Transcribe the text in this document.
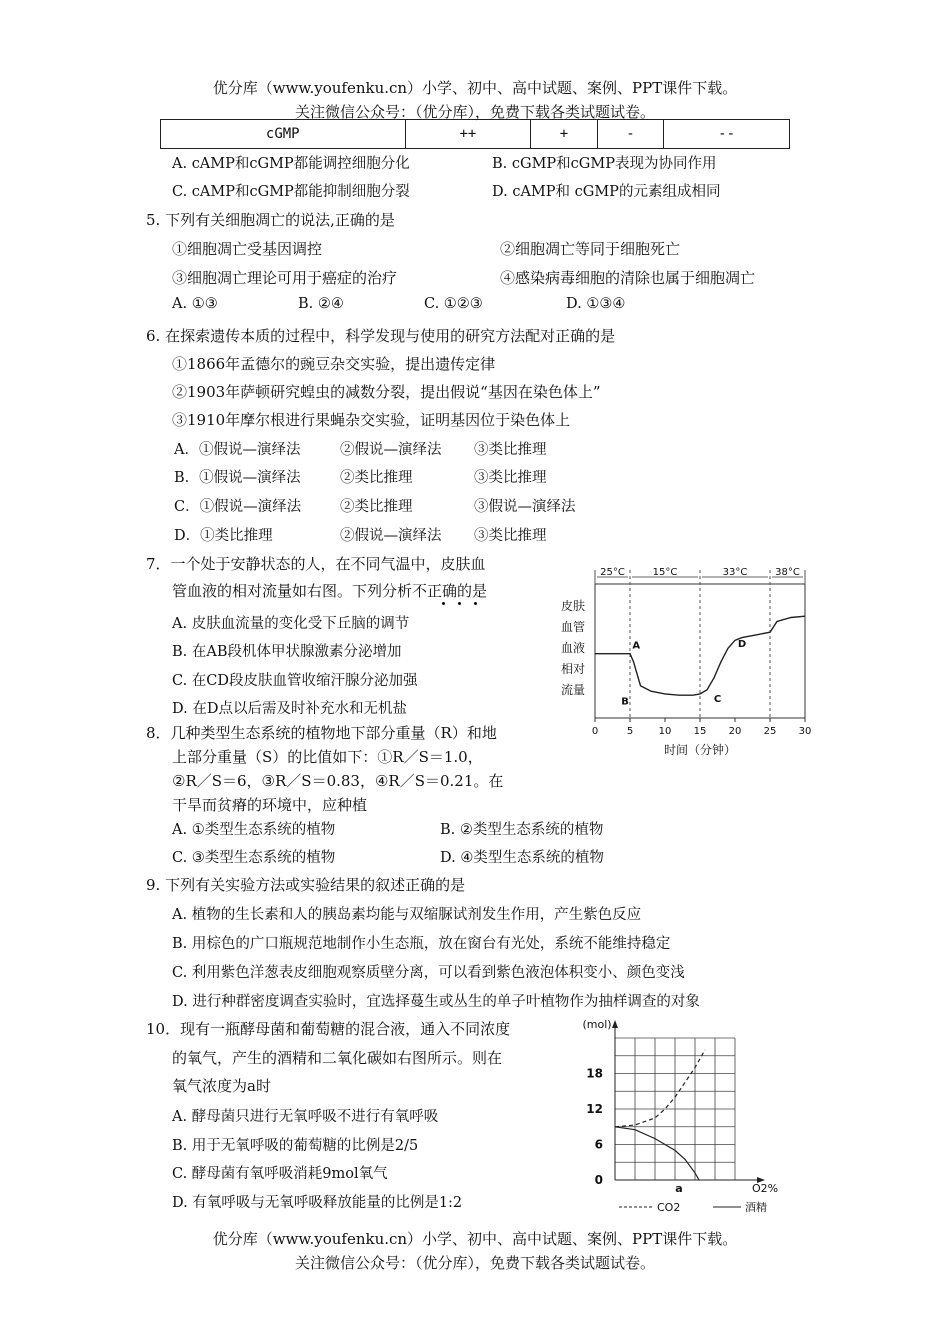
优分库（www.youfenku.cn）小学、初中、高中试题、案例、PPT课件下载。
关注微信公众号：（优分库），免费下载各类试题试卷。
cGMP	++	+	-	--
A. cAMP和cGMP都能调控细胞分化	B. cGMP和cGMP表现为协同作用
C. cAMP和cGMP都能抑制细胞分裂	D. cAMP和 cGMP的元素组成相同
5. 下列有关细胞凋亡的说法,正确的是
①细胞凋亡受基因调控	②细胞凋亡等同于细胞死亡
③细胞凋亡理论可用于癌症的治疗	④感染病毒细胞的清除也属于细胞凋亡
A. ①③	B. ②④	C. ①②③	D. ①③④
6. 在探索遗传本质的过程中，科学发现与使用的研究方法配对正确的是
①1866年孟德尔的豌豆杂交实验，提出遗传定律
②1903年萨顿研究蝗虫的减数分裂，提出假说“基因在染色体上”
③1910年摩尔根进行果蝇杂交实验，证明基因位于染色体上
A．①假说—演绎法	②假说—演绎法 ③类比推理
B．①假说—演绎法	②类比推理	③类比推理
C．①假说—演绎法	②类比推理	③假说—演绎法
D．①类比推理	②假说—演绎法 ③类比推理
7．一个处于安静状态的人，在不同气温中，皮肤血
管血液的相对流量如右图。下列分析不正确的是
A. 皮肤血流量的变化受下丘脑的调节
B. 在AB段机体甲状腺激素分泌增加
C. 在CD段皮肤血管收缩汗腺分泌加强
D. 在D点以后需及时补充水和无机盐
25°C	15°C	33°C	38°C
0	5	10 15 20 25 30
时间（分钟）
皮肤
血管
血液
相对
流量
A
B	C
D
8．几种类型生态系统的植物地下部分重量（R）和地
上部分重量（S）的比值如下：①R／S＝1.0，
②R／S＝6，③R／S＝0.83，④R／S＝0.21。在
干旱而贫瘠的环境中，应种植
A. ①类型生态系统的植物	B. ②类型生态系统的植物
C. ③类型生态系统的植物	D. ④类型生态系统的植物
9. 下列有关实验方法或实验结果的叙述正确的是
A. 植物的生长素和人的胰岛素均能与双缩脲试剂发生作用，产生紫色反应
B. 用棕色的广口瓶规范地制作小生态瓶，放在窗台有光处，系统不能维持稳定
C. 利用紫色洋葱表皮细胞观察质壁分离，可以看到紫色液泡体积变小、颜色变浅
D. 进行种群密度调查实验时，宜选择蔓生或丛生的单子叶植物作为抽样调查的对象
10．现有一瓶酵母菌和葡萄糖的混合液，通入不同浓度
的氧气，产生的酒精和二氧化碳如右图所示。则在
氧气浓度为a时
A. 酵母菌只进行无氧呼吸不进行有氧呼吸
B. 用于无氧呼吸的葡萄糖的比例是2/5
C. 酵母菌有氧呼吸消耗9mol氧气
D. 有氧呼吸与无氧呼吸释放能量的比例是1:2
(mol)
0
6
12
18
a	O2%
CO2	酒精
优分库（www.youfenku.cn）小学、初中、高中试题、案例、PPT课件下载。
关注微信公众号：（优分库），免费下载各类试题试卷。
